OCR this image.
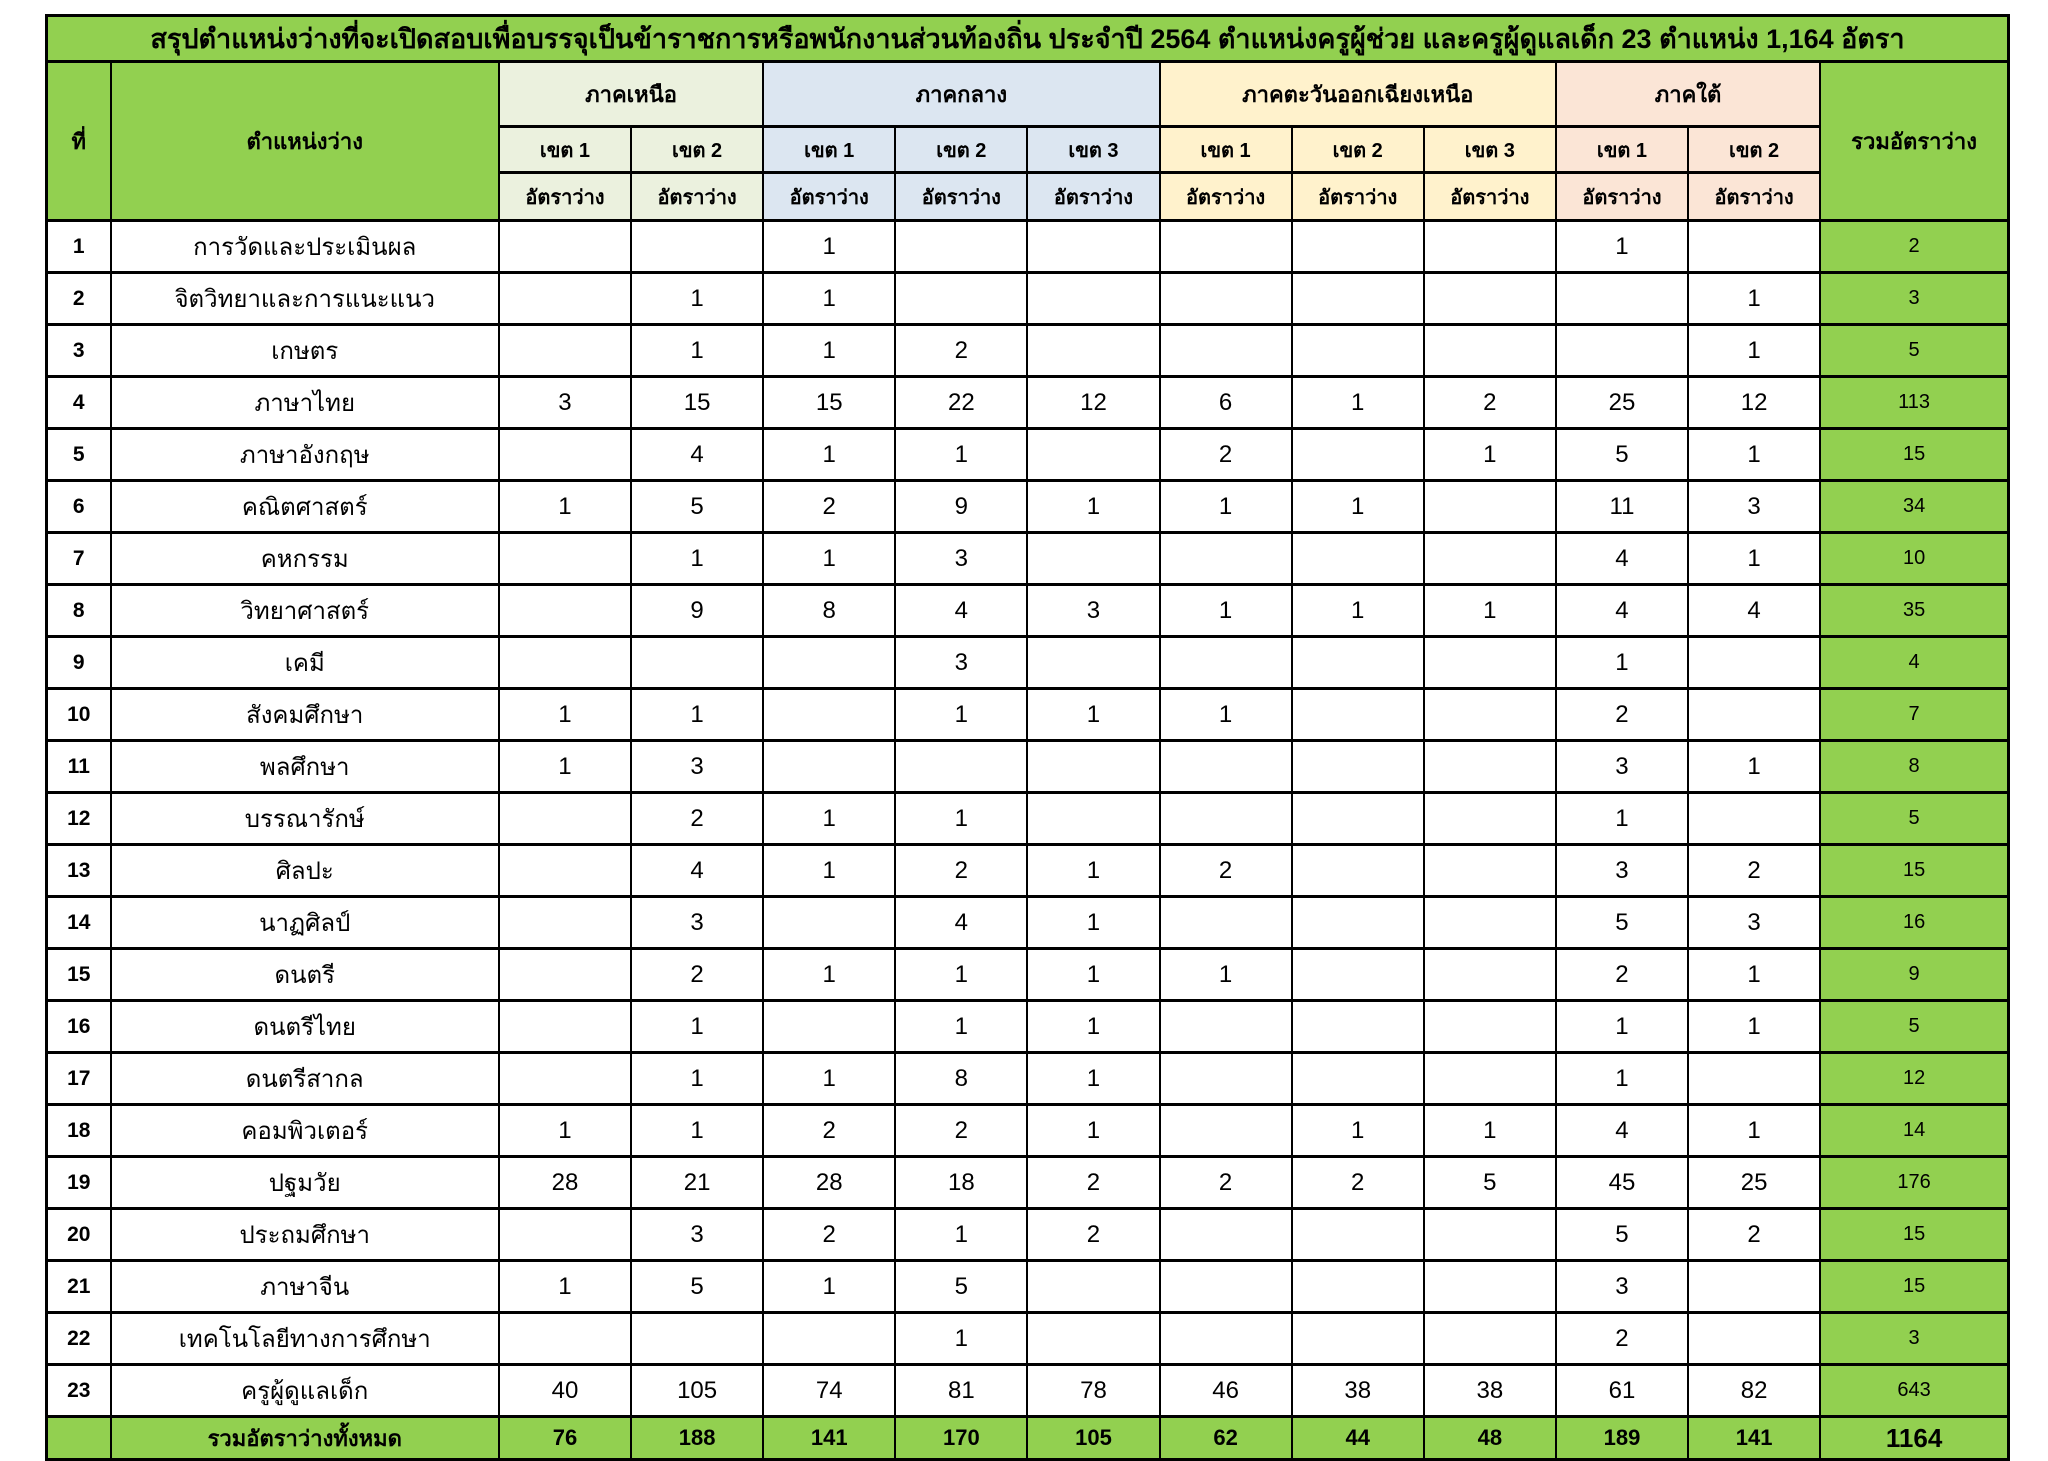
สรุปตำแหน่งว่างที่จะเปิดสอบเพื่อบรรจุเป็นข้าราชการหรือพนักงานส่วนท้องถิ่น ประจำปี 2564 ตำแหน่งครูผู้ช่วย และครูผู้ดูแลเด็ก 23 ตำแหน่ง 1,164 อัตรา												
ที่	ตำแหน่งว่าง	ภาคเหนือ		ภาคกลาง			ภาคตะวันออกเฉียงเหนือ			ภาคใต้		รวมอัตราว่าง
		เขต 1	เขต 2	เขต 1	เขต 2	เขต 3	เขต 1	เขต 2	เขต 3	เขต 1	เขต 2	
		อัตราว่าง	อัตราว่าง	อัตราว่าง	อัตราว่าง	อัตราว่าง	อัตราว่าง	อัตราว่าง	อัตราว่าง	อัตราว่าง	อัตราว่าง	
1	การวัดและประเมินผล			1						1		2
2	จิตวิทยาและการแนะแนว		1	1							1	3
3	เกษตร		1	1	2						1	5
4	ภาษาไทย	3	15	15	22	12	6	1	2	25	12	113
5	ภาษาอังกฤษ		4	1	1		2		1	5	1	15
6	คณิตศาสตร์	1	5	2	9	1	1	1		11	3	34
7	คหกรรม		1	1	3					4	1	10
8	วิทยาศาสตร์		9	8	4	3	1	1	1	4	4	35
9	เคมี				3					1		4
10	สังคมศึกษา	1	1		1	1	1			2		7
11	พลศึกษา	1	3							3	1	8
12	บรรณารักษ์		2	1	1					1		5
13	ศิลปะ		4	1	2	1	2			3	2	15
14	นาฏศิลป์		3		4	1				5	3	16
15	ดนตรี		2	1	1	1	1			2	1	9
16	ดนตรีไทย		1		1	1				1	1	5
17	ดนตรีสากล		1	1	8	1				1		12
18	คอมพิวเตอร์	1	1	2	2	1		1	1	4	1	14
19	ปฐมวัย	28	21	28	18	2	2	2	5	45	25	176
20	ประถมศึกษา		3	2	1	2				5	2	15
21	ภาษาจีน	1	5	1	5					3		15
22	เทคโนโลยีทางการศึกษา				1					2		3
23	ครูผู้ดูแลเด็ก	40	105	74	81	78	46	38	38	61	82	643
	รวมอัตราว่างทั้งหมด	76	188	141	170	105	62	44	48	189	141	1164
